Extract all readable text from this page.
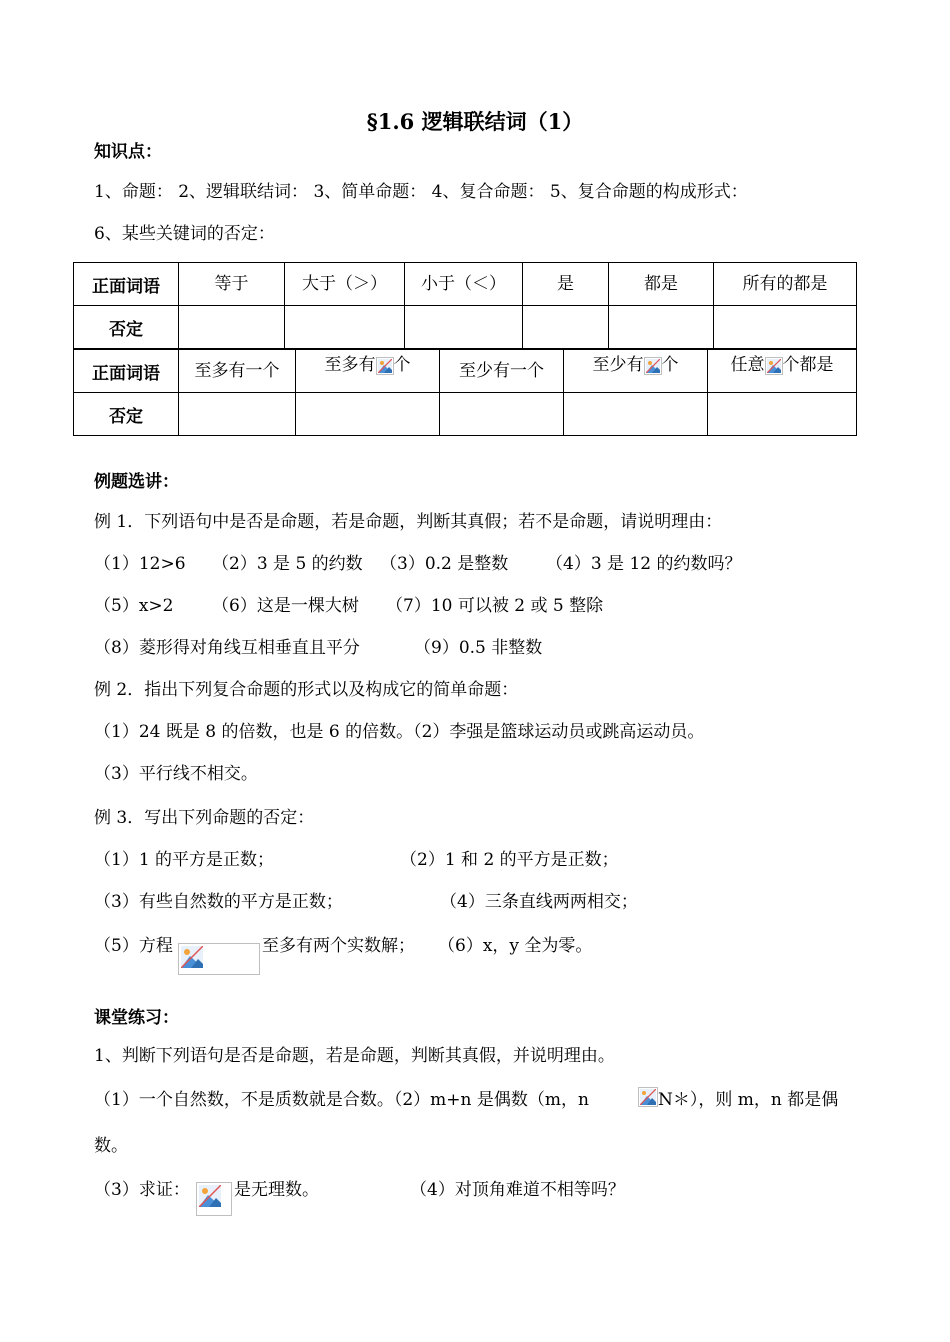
§1.6 逻辑联结词（1）
知识点：
1、命题： 2、逻辑联结词： 3、简单命题： 4、复合命题： 5、复合命题的构成形式：
6、某些关键词的否定：
正面词语	等于	大于（＞）	小于（＜）	是	都是	所有的都是
否定						
正面词语	至多有一个	至多有 个	至少有一个	至少有 个	任意 个都是
否定					
例题选讲：
例 1．下列语句中是否是命题，若是命题，判断其真假；若不是命题，请说明理由：
（1）12>6 （2）3 是 5 的约数 （3）0.2 是整数 （4）3 是 12 的约数吗？
（5）x>2 （6）这是一棵大树 （7）10 可以被 2 或 5 整除
（8）菱形得对角线互相垂直且平分	（9）0.5 非整数
例 2．指出下列复合命题的形式以及构成它的简单命题：
（1）24 既是 8 的倍数，也是 6 的倍数。（2）李强是篮球运动员或跳高运动员。
（3）平行线不相交。
例 3．写出下列命题的否定：
（1）1 的平方是正数；	（2）1 和 2 的平方是正数；
（3）有些自然数的平方是正数；	（4）三条直线两两相交；
（5）方程	至多有两个实数解； （6）x，y 全为零。
课堂练习：
1、判断下列语句是否是命题，若是命题，判断其真假，并说明理由。
（1）一个自然数，不是质数就是合数。（2）m+n 是偶数（m，n	N＊），则 m，n 都是偶
数。
（3）求证：	是无理数。	（4）对顶角难道不相等吗？
